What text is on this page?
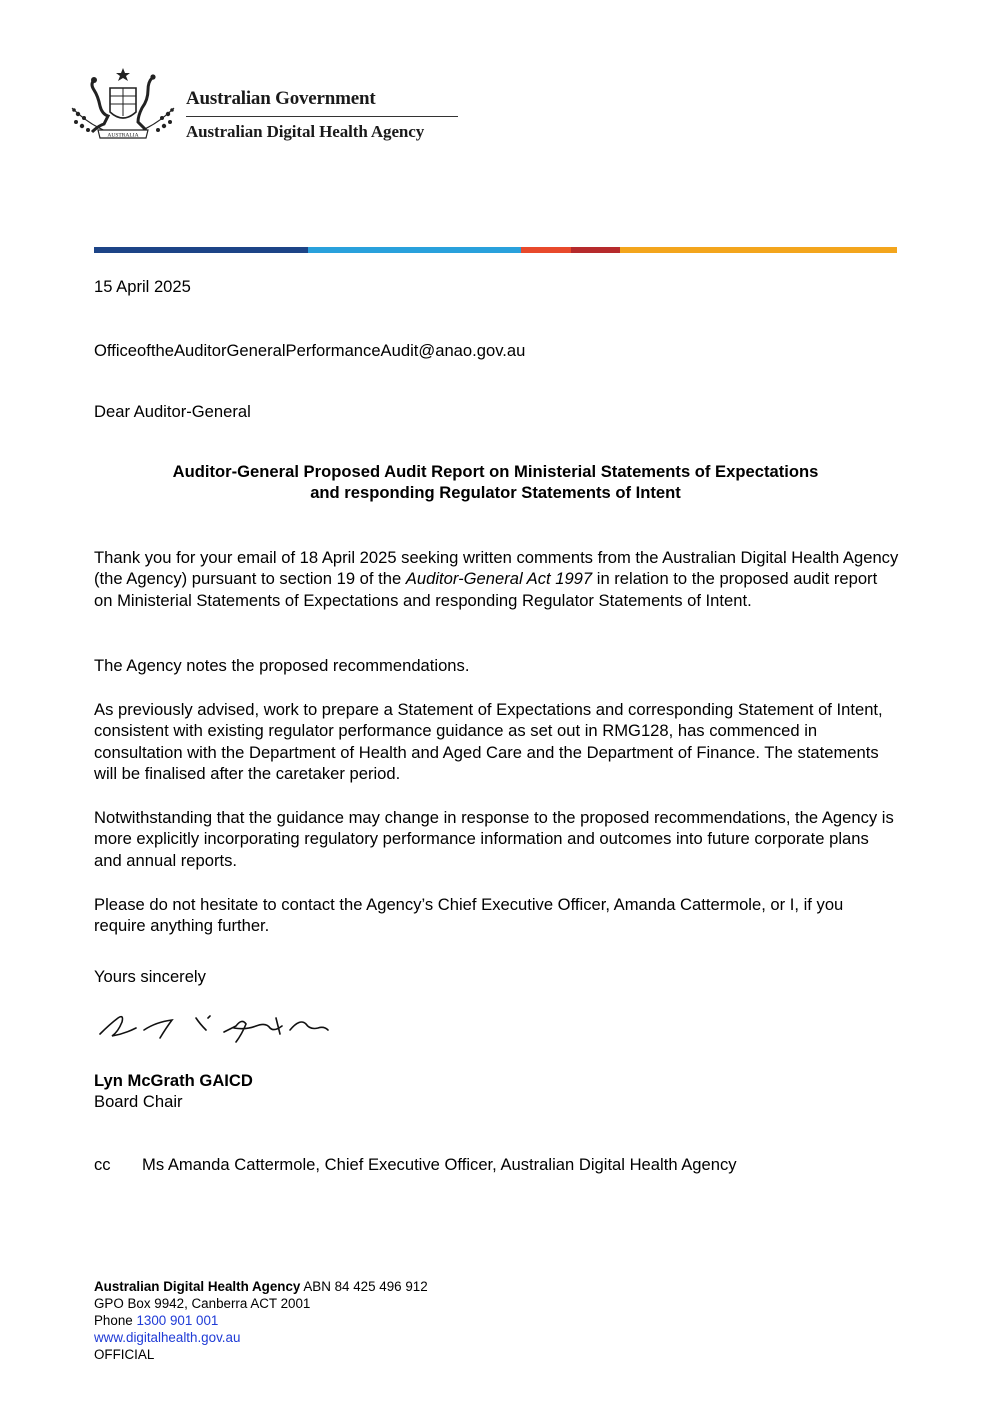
AUSTRALIA
Australian Government
Australian Digital Health Agency
15 April 2025
OfficeoftheAuditorGeneralPerformanceAudit@anao.gov.au
Dear Auditor-General
Auditor-General Proposed Audit Report on Ministerial Statements of Expectations
and responding Regulator Statements of Intent
Thank you for your email of 18 April 2025 seeking written comments from the Australian Digital Health Agency (the Agency) pursuant to section 19 of the Auditor-General Act 1997 in relation to the proposed audit report on Ministerial Statements of Expectations and responding Regulator Statements of Intent.
The Agency notes the proposed recommendations.
As previously advised, work to prepare a Statement of Expectations and corresponding Statement of Intent, consistent with existing regulator performance guidance as set out in RMG128, has commenced in consultation with the Department of Health and Aged Care and the Department of Finance. The statements will be finalised after the caretaker period.
Notwithstanding that the guidance may change in response to the proposed recommendations, the Agency is more explicitly incorporating regulatory performance information and outcomes into future corporate plans and annual reports.
Please do not hesitate to contact the Agency’s Chief Executive Officer, Amanda Cattermole, or I, if you require anything further.
Yours sincerely
Lyn McGrath GAICD
Board Chair
cc Ms Amanda Cattermole, Chief Executive Officer, Australian Digital Health Agency
Australian Digital Health Agency ABN 84 425 496 912
GPO Box 9942, Canberra ACT 2001
Phone 1300 901 001
www.digitalhealth.gov.au
OFFICIAL
